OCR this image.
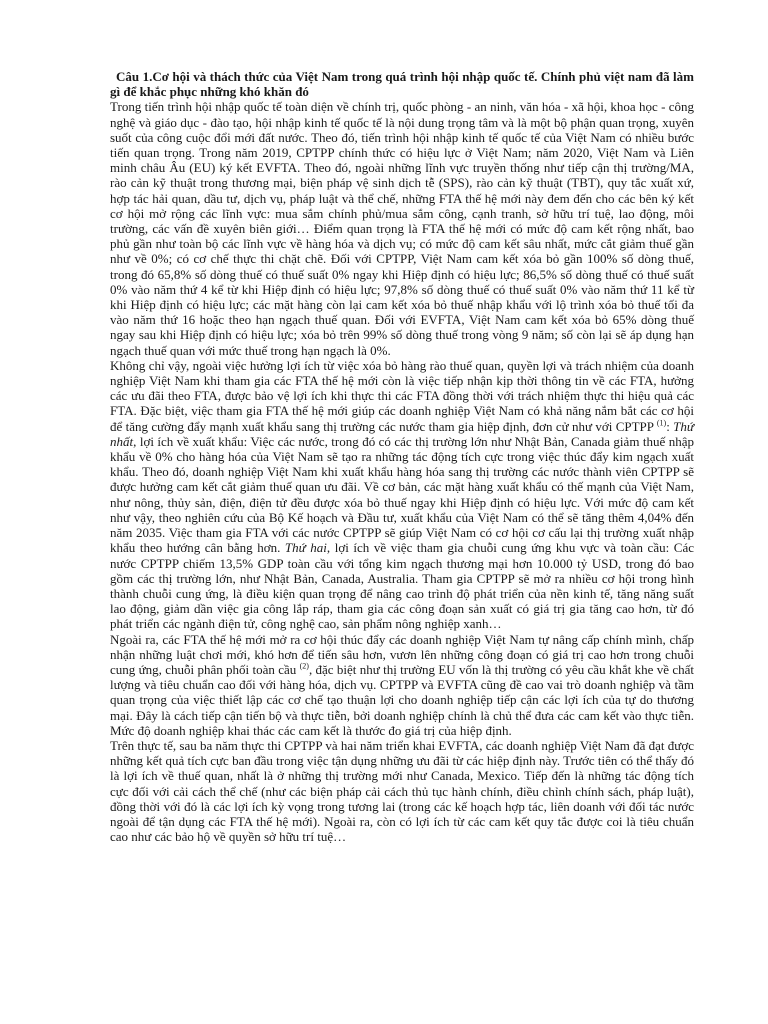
Câu 1.Cơ hội và thách thức của Việt Nam trong quá trình hội nhập quốc tế. Chính phủ việt nam đã làm gì để khắc phục những khó khăn đó

Trong tiến trình hội nhập quốc tế toàn diện về chính trị, quốc phòng - an ninh, văn hóa - xã hội, khoa học - công nghệ và giáo dục - đào tạo, hội nhập kinh tế quốc tế là nội dung trọng tâm và là một bộ phận quan trọng, xuyên suốt của công cuộc đổi mới đất nước. Theo đó, tiến trình hội nhập kinh tế quốc tế của Việt Nam có nhiều bước tiến quan trọng. Trong năm 2019, CPTPP chính thức có hiệu lực ở Việt Nam; năm 2020, Việt Nam và Liên minh châu Âu (EU) ký kết EVFTA. Theo đó, ngoài những lĩnh vực truyền thống như tiếp cận thị trường/MA, rào cản kỹ thuật trong thương mại, biện pháp vệ sinh dịch tễ (SPS), rào cản kỹ thuật (TBT), quy tắc xuất xứ, hợp tác hải quan, dầu tư, dịch vụ, pháp luật và thể chế, những FTA thế hệ mới này đem đến cho các bên ký kết cơ hội mở rộng các lĩnh vực: mua sắm chính phủ/mua sắm công, cạnh tranh, sở hữu trí tuệ, lao động, môi trường, các vấn đề xuyên biên giới… Điểm quan trọng là FTA thế hệ mới có mức độ cam kết rộng nhất, bao phủ gần như toàn bộ các lĩnh vực về hàng hóa và dịch vụ; có mức độ cam kết sâu nhất, mức cắt giảm thuế gần như về 0%; có cơ chế thực thi chặt chẽ. Đối với CPTPP, Việt Nam cam kết xóa bỏ gần 100% số dòng thuế, trong đó 65,8% số dòng thuế có thuế suất 0% ngay khi Hiệp định có hiệu lực; 86,5% số dòng thuế có thuế suất 0% vào năm thứ 4 kể từ khi Hiệp định có hiệu lực; 97,8% số dòng thuế có thuế suất 0% vào năm thứ 11 kể từ khi Hiệp định có hiệu lực; các mặt hàng còn lại cam kết xóa bỏ thuế nhập khẩu với lộ trình xóa bỏ thuế tối đa vào năm thứ 16 hoặc theo hạn ngạch thuế quan. Đối với EVFTA, Việt Nam cam kết xóa bỏ 65% dòng thuế ngay sau khi Hiệp định có hiệu lực; xóa bỏ trên 99% số dòng thuế trong vòng 9 năm; số còn lại sẽ áp dụng hạn ngạch thuế quan với mức thuế trong hạn ngạch là 0%.

Không chỉ vậy, ngoài việc hưởng lợi ích từ việc xóa bỏ hàng rào thuế quan, quyền lợi và trách nhiệm của doanh nghiệp Việt Nam khi tham gia các FTA thế hệ mới còn là việc tiếp nhận kịp thời thông tin về các FTA, hưởng các ưu đãi theo FTA, được bảo vệ lợi ích khi thực thi các FTA đồng thời với trách nhiệm thực thi hiệu quả các FTA. Đặc biệt, việc tham gia FTA thế hệ mới giúp các doanh nghiệp Việt Nam có khả năng nắm bắt các cơ hội để tăng cường đẩy mạnh xuất khẩu sang thị trường các nước tham gia hiệp định, đơn cử như với CPTPP $^{(1)}$: Thứ nhất, lợi ích về xuất khẩu: Việc các nước, trong đó có các thị trường lớn như Nhật Bản, Canada giảm thuế nhập khẩu về 0% cho hàng hóa của Việt Nam sẽ tạo ra những tác động tích cực trong việc thúc đẩy kim ngạch xuất khẩu. Theo đó, doanh nghiệp Việt Nam khi xuất khẩu hàng hóa sang thị trường các nước thành viên CPTPP sẽ được hưởng cam kết cắt giảm thuế quan ưu đãi. Về cơ bản, các mặt hàng xuất khẩu có thế mạnh của Việt Nam, như nông, thủy sản, điện, điện tử đều được xóa bỏ thuế ngay khi Hiệp định có hiệu lực. Với mức độ cam kết như vậy, theo nghiên cứu của Bộ Kế hoạch và Đầu tư, xuất khẩu của Việt Nam có thể sẽ tăng thêm 4,04% đến năm 2035. Việc tham gia FTA với các nước CPTPP sẽ giúp Việt Nam có cơ hội cơ cấu lại thị trường xuất nhập khẩu theo hướng cân bằng hơn. Thứ hai, lợi ích về việc tham gia chuỗi cung ứng khu vực và toàn cầu: Các nước CPTPP chiếm 13,5% GDP toàn cầu với tổng kim ngạch thương mại hơn 10.000 tỷ USD, trong đó bao gồm các thị trường lớn, như Nhật Bản, Canada, Australia. Tham gia CPTPP sẽ mở ra nhiều cơ hội trong hình thành chuỗi cung ứng, là điều kiện quan trọng để nâng cao trình độ phát triển của nền kinh tế, tăng năng suất lao động, giảm dần việc gia công lắp ráp, tham gia các công đoạn sản xuất có giá trị gia tăng cao hơn, từ đó phát triển các ngành điện tử, công nghệ cao, sản phẩm nông nghiệp xanh…

Ngoài ra, các FTA thế hệ mới mở ra cơ hội thúc đẩy các doanh nghiệp Việt Nam tự nâng cấp chính mình, chấp nhận những luật chơi mới, khó hơn để tiến sâu hơn, vươn lên những công đoạn có giá trị cao hơn trong chuỗi cung ứng, chuỗi phân phối toàn cầu $^{(2)}$, đặc biệt như thị trường EU vốn là thị trường có yêu cầu khắt khe về chất lượng và tiêu chuẩn cao đối với hàng hóa, dịch vụ. CPTPP và EVFTA cũng đề cao vai trò doanh nghiệp và tầm quan trọng của việc thiết lập các cơ chế tạo thuận lợi cho doanh nghiệp tiếp cận các lợi ích của tự do thương mại. Đây là cách tiếp cận tiến bộ và thực tiễn, bởi doanh nghiệp chính là chủ thể đưa các cam kết vào thực tiễn. Mức độ doanh nghiệp khai thác các cam kết là thước đo giá trị của hiệp định.

Trên thực tế, sau ba năm thực thi CPTPP và hai năm triển khai EVFTA, các doanh nghiệp Việt Nam đã đạt được những kết quả tích cực ban đầu trong việc tận dụng những ưu đãi từ các hiệp định này. Trước tiên có thể thấy đó là lợi ích về thuế quan, nhất là ở những thị trường mới như Canada, Mexico. Tiếp đến là những tác động tích cực đối với cải cách thể chế (như các biện pháp cải cách thủ tục hành chính, điều chỉnh chính sách, pháp luật), đồng thời với đó là các lợi ích kỳ vọng trong tương lai (trong các kế hoạch hợp tác, liên doanh với đối tác nước ngoài để tận dụng các FTA thế hệ mới). Ngoài ra, còn có lợi ích từ các cam kết quy tắc được coi là tiêu chuẩn cao như các bảo hộ về quyền sở hữu trí tuệ…
